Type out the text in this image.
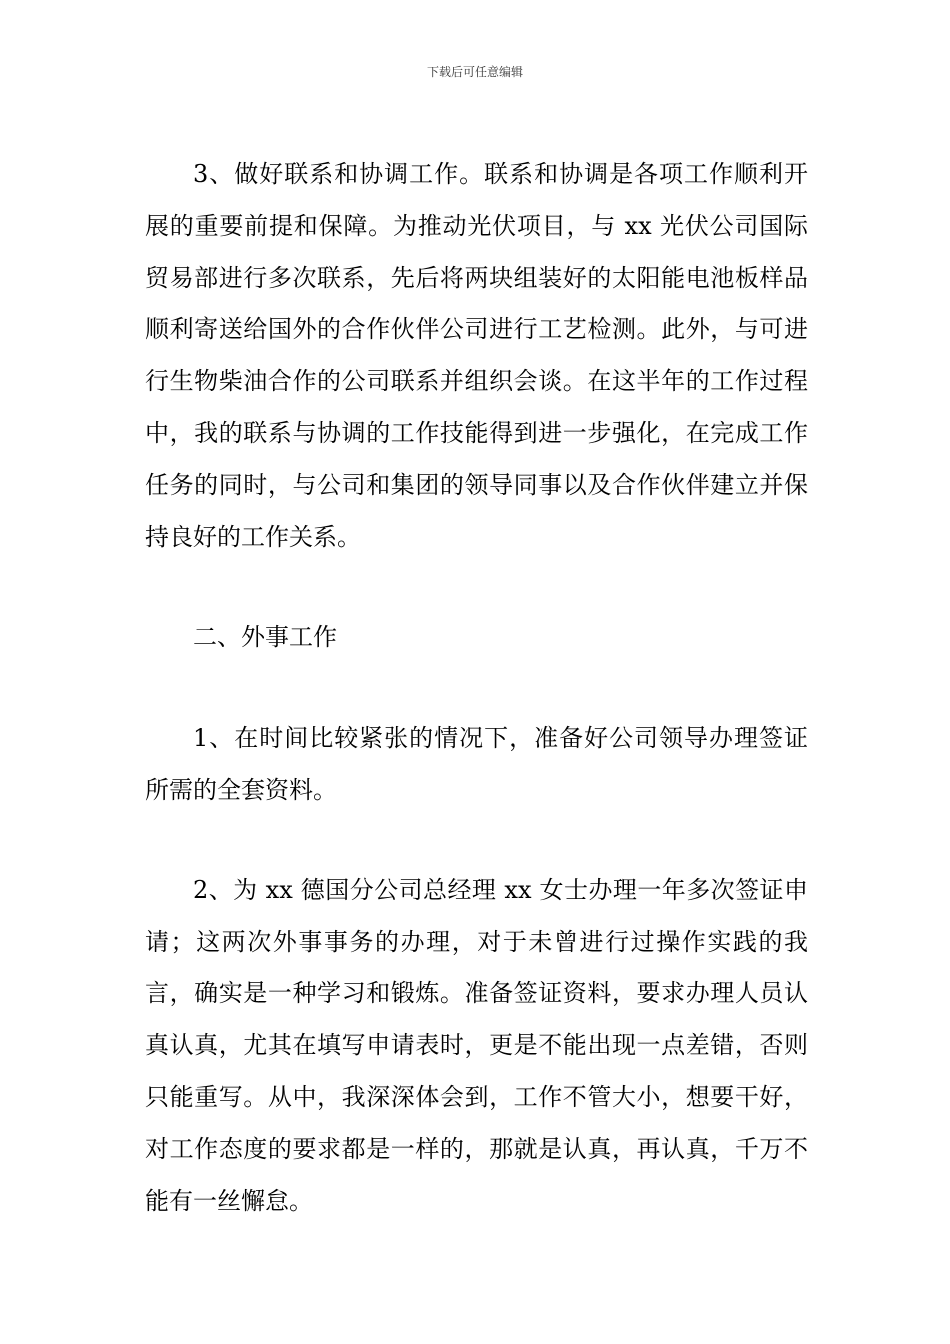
下载后可任意编辑

3、做好联系和协调工作。联系和协调是各项工作顺利开展的重要前提和保障。为推动光伏项目，与 xx 光伏公司国际贸易部进行多次联系，先后将两块组装好的太阳能电池板样品顺利寄送给国外的合作伙伴公司进行工艺检测。此外，与可进行生物柴油合作的公司联系并组织会谈。在这半年的工作过程中，我的联系与协调的工作技能得到进一步强化，在完成工作任务的同时，与公司和集团的领导同事以及合作伙伴建立并保持良好的工作关系。

二、外事工作

1、在时间比较紧张的情况下，准备好公司领导办理签证所需的全套资料。

2、为 xx 德国分公司总经理 xx 女士办理一年多次签证申请；这两次外事事务的办理，对于未曾进行过操作实践的我言，确实是一种学习和锻炼。准备签证资料，要求办理人员认真认真，尤其在填写申请表时，更是不能出现一点差错，否则只能重写。从中，我深深体会到，工作不管大小，想要干好，对工作态度的要求都是一样的，那就是认真，再认真，千万不能有一丝懈怠。
